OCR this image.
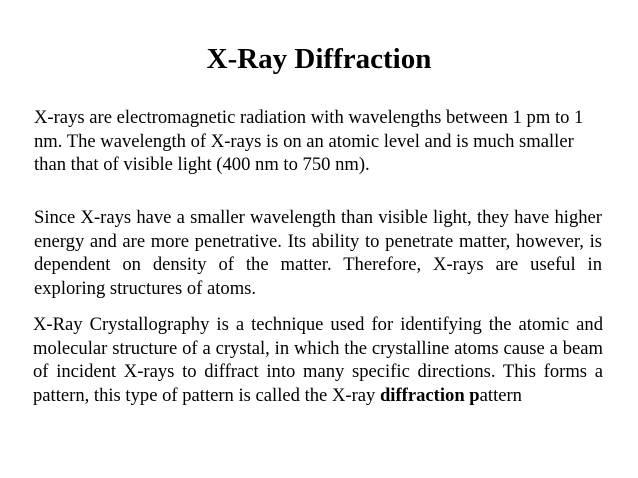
X-Ray Diffraction

X-rays are electromagnetic radiation with wavelengths between 1 pm to 1 nm. The wavelength of X-rays is on an atomic level and is much smaller than that of visible light (400 nm to 750 nm).

Since X-rays have a smaller wavelength than visible light, they have higher energy and are more penetrative. Its ability to penetrate matter, however, is dependent on density of the matter. Therefore, X-rays are useful in exploring structures of atoms.

X-Ray Crystallography is a technique used for identifying the atomic and molecular structure of a crystal, in which the crystalline atoms cause a beam of incident X-rays to diffract into many specific directions. This forms a pattern, this type of pattern is called the X-ray diffraction pattern
